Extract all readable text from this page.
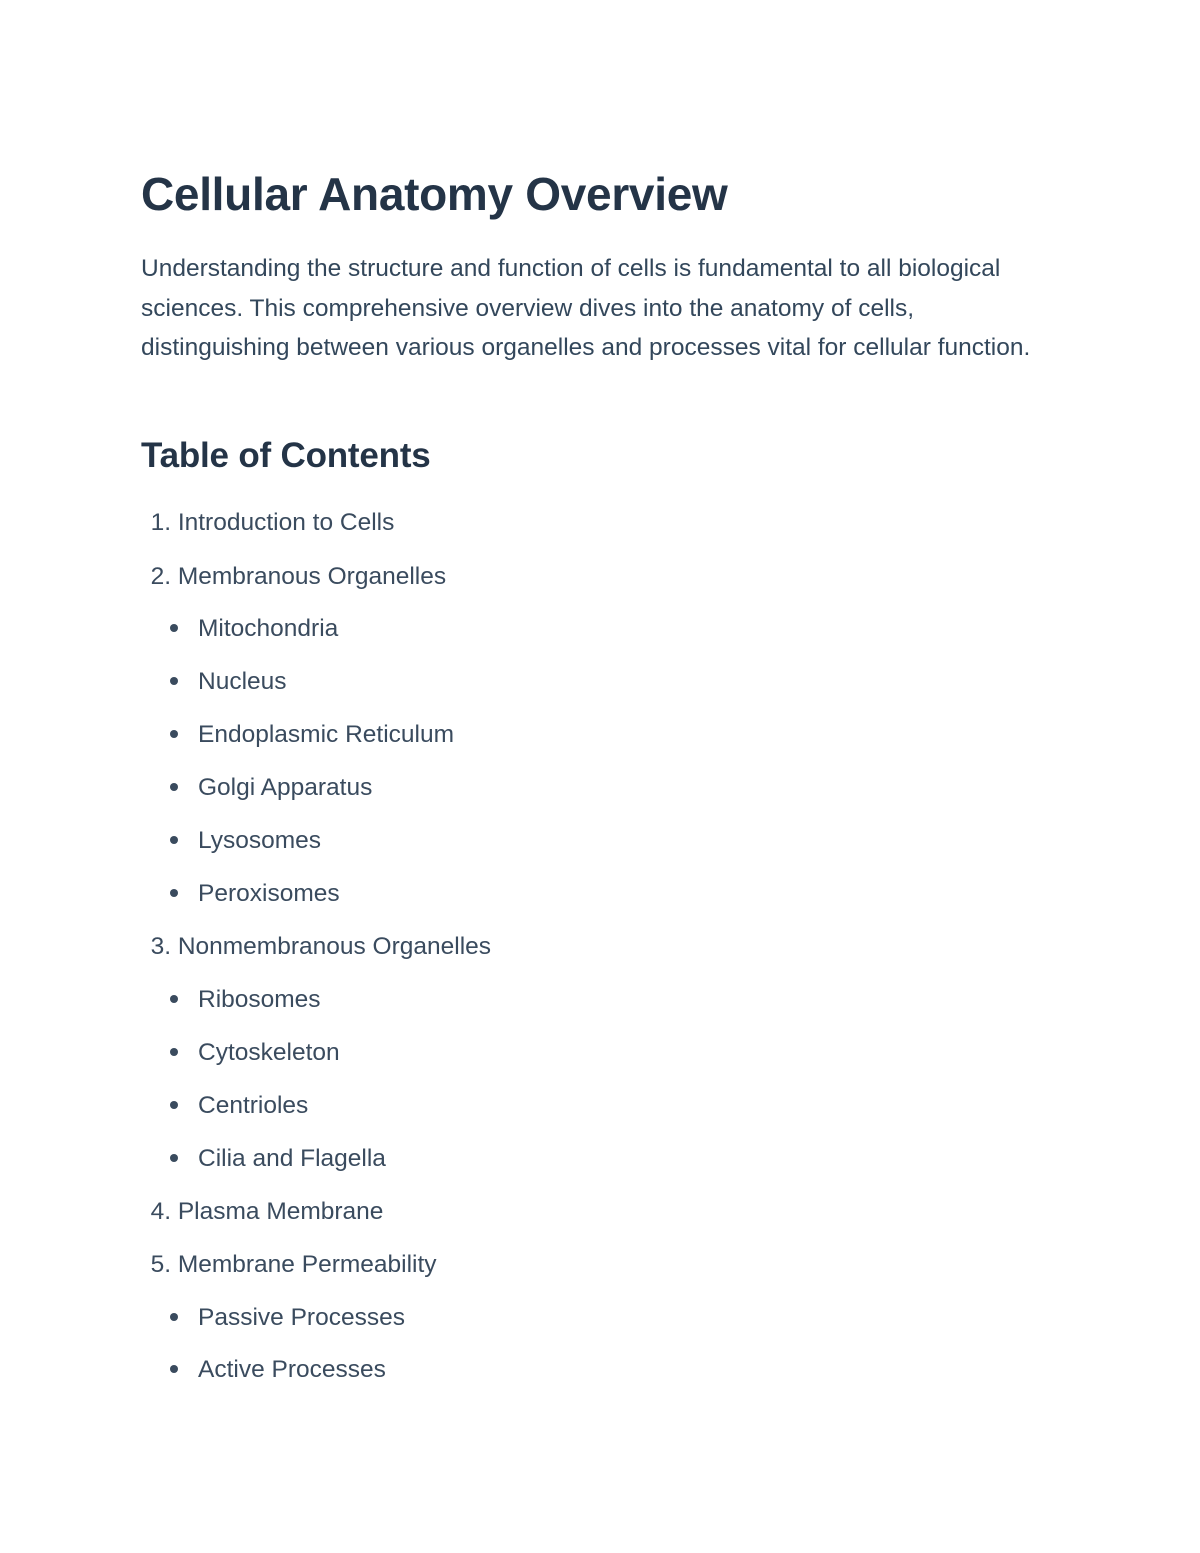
Cellular Anatomy Overview

Understanding the structure and function of cells is fundamental to all biological sciences. This comprehensive overview dives into the anatomy of cells, distinguishing between various organelles and processes vital for cellular function.

Table of Contents
1. Introduction to Cells
2. Membranous Organelles
Mitochondria
Nucleus
Endoplasmic Reticulum
Golgi Apparatus
Lysosomes
Peroxisomes
3. Nonmembranous Organelles
Ribosomes
Cytoskeleton
Centrioles
Cilia and Flagella
4. Plasma Membrane
5. Membrane Permeability
Passive Processes
Active Processes
